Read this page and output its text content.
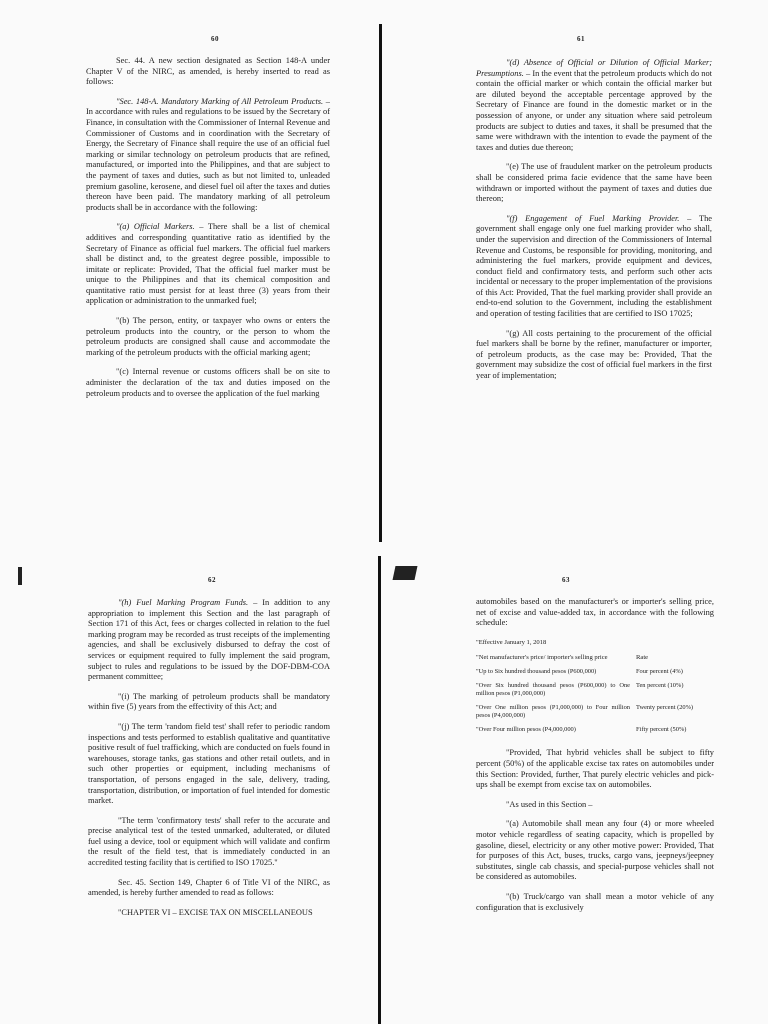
60

Sec. 44. A new section designated as Section 148-A under Chapter V of the NIRC, as amended, is hereby inserted to read as follows:

"Sec. 148-A. Mandatory Marking of All Petroleum Products. – In accordance with rules and regulations to be issued by the Secretary of Finance, in consultation with the Commissioner of Internal Revenue and Commissioner of Customs and in coordination with the Secretary of Energy, the Secretary of Finance shall require the use of an official fuel marking or similar technology on petroleum products that are refined, manufactured, or imported into the Philippines, and that are subject to the payment of taxes and duties, such as but not limited to, unleaded premium gasoline, kerosene, and diesel fuel oil after the taxes and duties thereon have been paid. The mandatory marking of all petroleum products shall be in accordance with the following:

"(a) Official Markers. – There shall be a list of chemical additives and corresponding quantitative ratio as identified by the Secretary of Finance as official fuel markers. The official fuel markers shall be distinct and, to the greatest degree possible, impossible to imitate or replicate: Provided, That the official fuel marker must be unique to the Philippines and that its chemical composition and quantitative ratio must persist for at least three (3) years from their application or administration to the unmarked fuel;

"(b) The person, entity, or taxpayer who owns or enters the petroleum products into the country, or the person to whom the petroleum products are consigned shall cause and accommodate the marking of the petroleum products with the official marking agent;

"(c) Internal revenue or customs officers shall be on site to administer the declaration of the tax and duties imposed on the petroleum products and to oversee the application of the fuel marking

61

"(d) Absence of Official or Dilution of Official Marker; Presumptions. – In the event that the petroleum products which do not contain the official marker or which contain the official marker but are diluted beyond the acceptable percentage approved by the Secretary of Finance are found in the domestic market or in the possession of anyone, or under any situation where said petroleum products are subject to duties and taxes, it shall be presumed that the same were withdrawn with the intention to evade the payment of the taxes and duties due thereon;

"(e) The use of fraudulent marker on the petroleum products shall be considered prima facie evidence that the same have been withdrawn or imported without the payment of taxes and duties due thereon;

"(f) Engagement of Fuel Marking Provider. – The government shall engage only one fuel marking provider who shall, under the supervision and direction of the Commissioners of Internal Revenue and Customs, be responsible for providing, monitoring, and administering the fuel markers, provide equipment and devices, conduct field and confirmatory tests, and perform such other acts incidental or necessary to the proper implementation of the provisions of this Act: Provided, That the fuel marking provider shall provide an end-to-end solution to the Government, including the establishment and operation of testing facilities that are certified to ISO 17025;

"(g) All costs pertaining to the procurement of the official fuel markers shall be borne by the refiner, manufacturer or importer, of petroleum products, as the case may be: Provided, That the government may subsidize the cost of official fuel markers in the first year of implementation;

62

"(h) Fuel Marking Program Funds. – In addition to any appropriation to implement this Section and the last paragraph of Section 171 of this Act, fees or charges collected in relation to the fuel marking program may be recorded as trust receipts of the implementing agencies, and shall be exclusively disbursed to defray the cost of services or equipment required to fully implement the said program, subject to rules and regulations to be issued by the DOF-DBM-COA permanent committee;

"(i) The marking of petroleum products shall be mandatory within five (5) years from the effectivity of this Act; and

"(j) The term 'random field test' shall refer to periodic random inspections and tests performed to establish qualitative and quantitative positive result of fuel trafficking, which are conducted on fuels found in warehouses, storage tanks, gas stations and other retail outlets, and in such other properties or equipment, including mechanisms of transportation, of persons engaged in the sale, delivery, trading, transportation, distribution, or importation of fuel intended for domestic market.

"The term 'confirmatory tests' shall refer to the accurate and precise analytical test of the tested unmarked, adulterated, or diluted fuel using a device, tool or equipment which will validate and confirm the result of the field test, that is immediately conducted in an accredited testing facility that is certified to ISO 17025."

Sec. 45. Section 149, Chapter 6 of Title VI of the NIRC, as amended, is hereby further amended to read as follows:

"CHAPTER VI – EXCISE TAX ON MISCELLANEOUS

63

automobiles based on the manufacturer's or importer's selling price, net of excise and value-added tax, in accordance with the following schedule:

"Effective January 1, 2018
"Net manufacturer's price/ importer's selling price	Rate
"Up to Six hundred thousand pesos (P600,000)	Four percent (4%)
"Over Six hundred thousand pesos (P600,000) to One million pesos (P1,000,000)	Ten percent (10%)
"Over One million pesos (P1,000,000) to Four million pesos (P4,000,000)	Twenty percent (20%)
"Over Four million pesos (P4,000,000)	Fifty percent (50%)

"Provided, That hybrid vehicles shall be subject to fifty percent (50%) of the applicable excise tax rates on automobiles under this Section: Provided, further, That purely electric vehicles and pick-ups shall be exempt from excise tax on automobiles.

"As used in this Section –

"(a) Automobile shall mean any four (4) or more wheeled motor vehicle regardless of seating capacity, which is propelled by gasoline, diesel, electricity or any other motive power: Provided, That for purposes of this Act, buses, trucks, cargo vans, jeepneys/jeepney substitutes, single cab chassis, and special-purpose vehicles shall not be considered as automobiles.

"(b) Truck/cargo van shall mean a motor vehicle of any configuration that is exclusively
